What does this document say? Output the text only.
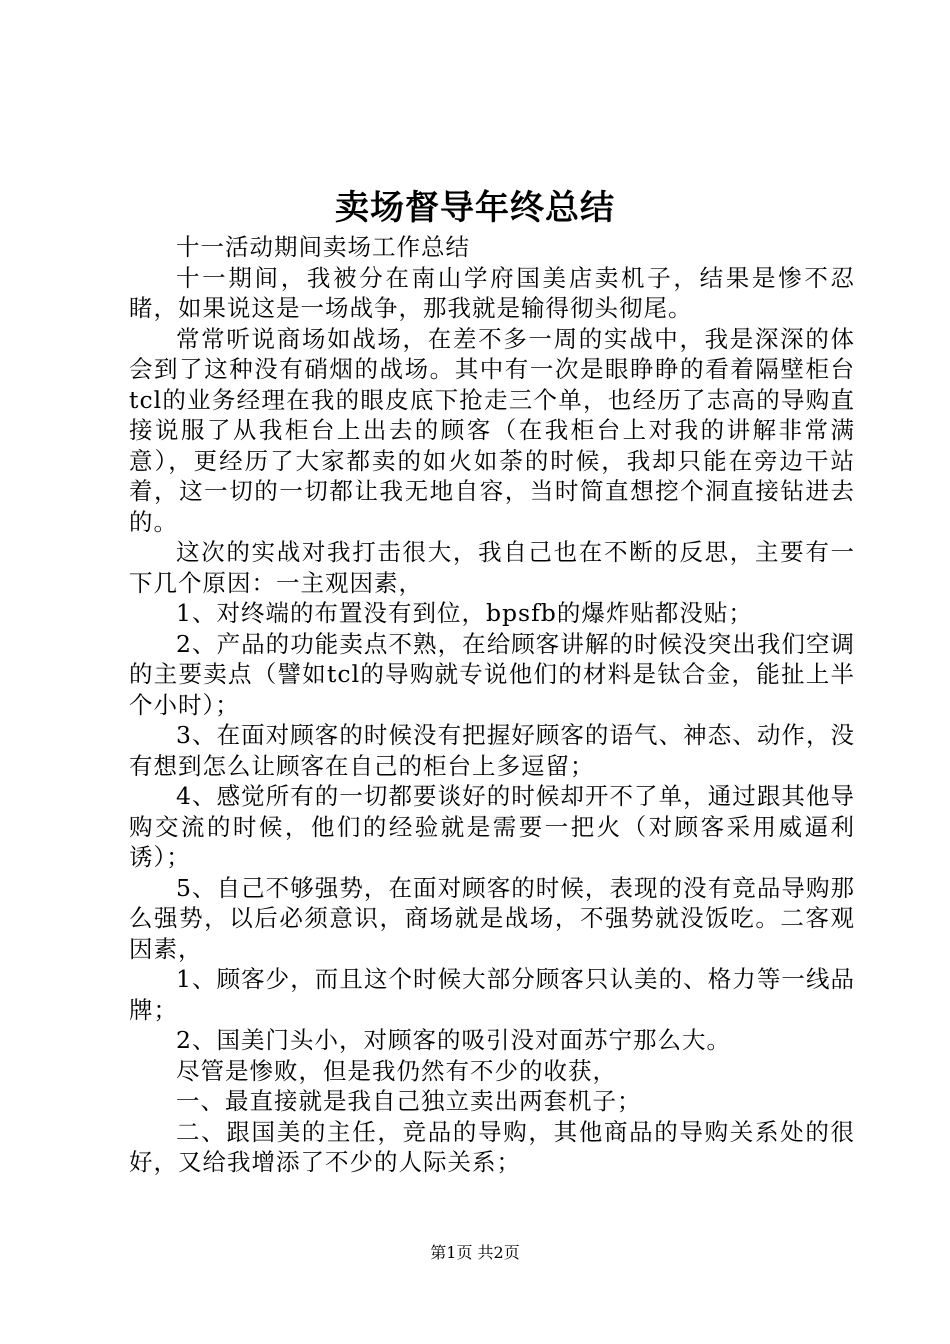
卖场督导年终总结

十一活动期间卖场工作总结

十一期间，我被分在南山学府国美店卖机子，结果是惨不忍睹，如果说这是一场战争，那我就是输得彻头彻尾。

常常听说商场如战场，在差不多一周的实战中，我是深深的体会到了这种没有硝烟的战场。其中有一次是眼睁睁的看着隔壁柜台tcl的业务经理在我的眼皮底下抢走三个单，也经历了志高的导购直接说服了从我柜台上出去的顾客（在我柜台上对我的讲解非常满意），更经历了大家都卖的如火如荼的时候，我却只能在旁边干站着，这一切的一切都让我无地自容，当时简直想挖个洞直接钻进去的。

这次的实战对我打击很大，我自己也在不断的反思，主要有一下几个原因：一主观因素，

1、对终端的布置没有到位，bpsfb的爆炸贴都没贴；

2、产品的功能卖点不熟，在给顾客讲解的时候没突出我们空调的主要卖点（譬如tcl的导购就专说他们的材料是钛合金，能扯上半个小时）；

3、在面对顾客的时候没有把握好顾客的语气、神态、动作，没有想到怎么让顾客在自己的柜台上多逗留；

4、感觉所有的一切都要谈好的时候却开不了单，通过跟其他导购交流的时候，他们的经验就是需要一把火（对顾客采用威逼利诱）；

5、自己不够强势，在面对顾客的时候，表现的没有竞品导购那么强势，以后必须意识，商场就是战场，不强势就没饭吃。二客观因素，

1、顾客少，而且这个时候大部分顾客只认美的、格力等一线品牌；

2、国美门头小，对顾客的吸引没对面苏宁那么大。

尽管是惨败，但是我仍然有不少的收获，

一、最直接就是我自己独立卖出两套机子；

二、跟国美的主任，竞品的导购，其他商品的导购关系处的很好，又给我增添了不少的人际关系；

第1页 共2页
